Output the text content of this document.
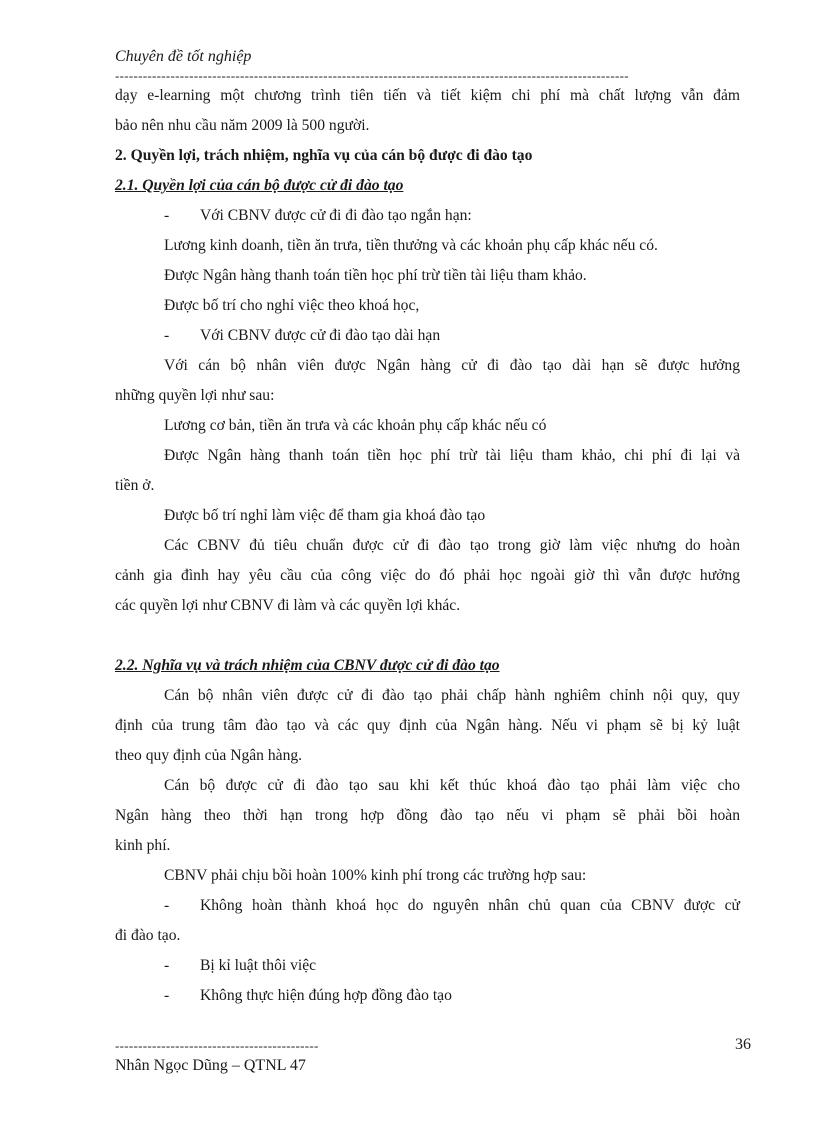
Chuyên đề tốt nghiệp
---------------------------------------------------------------------------------------------------------------
dạy e-learning một chương trình tiên tiến và tiết kiệm chi phí mà chất lượng vẫn đảm
bảo nên nhu cầu năm 2009 là 500 người.
2. Quyền lợi, trách nhiệm, nghĩa vụ của cán bộ được đi đào tạo
2.1. Quyền lợi của cán bộ được cử đi đào tạo
- Với CBNV được cử đi đi đào tạo ngắn hạn:
Lương kinh doanh, tiền ăn trưa, tiền thưởng và các khoản phụ cấp khác nếu có.
Được Ngân hàng thanh toán tiền học phí trừ tiền tài liệu tham khảo.
Được bố trí cho nghỉ việc theo khoá học,
- Với CBNV được cử đi đào tạo dài hạn
Với cán bộ nhân viên được Ngân hàng cử đi đào tạo dài hạn sẽ được hưởng
những quyền lợi như sau:
Lương cơ bản, tiền ăn trưa và các khoản phụ cấp khác nếu có
Được Ngân hàng thanh toán tiền học phí trừ tài liệu tham khảo, chi phí đi lại và
tiền ở.
Được bố trí nghỉ làm việc để tham gia khoá đào tạo
Các CBNV đủ tiêu chuẩn được cử đi đào tạo trong giờ làm việc nhưng do hoàn
cảnh gia đình hay yêu cầu của công việc do đó phải học ngoài giờ thì vẫn được hưởng
các quyền lợi như CBNV đi làm và các quyền lợi khác.
2.2. Nghĩa vụ và trách nhiệm của CBNV được cử đi đào tạo
Cán bộ nhân viên được cử đi đào tạo phải chấp hành nghiêm chỉnh nội quy, quy
định của trung tâm đào tạo và các quy định của Ngân hàng. Nếu vi phạm sẽ bị kỷ luật
theo quy định của Ngân hàng.
Cán bộ được cử đi đào tạo sau khi kết thúc khoá đào tạo phải làm việc cho
Ngân hàng theo thời hạn trong hợp đồng đào tạo nếu vi phạm sẽ phải bồi hoàn
kinh phí.
CBNV phải chịu bồi hoàn 100% kinh phí trong các trường hợp sau:
- Không hoàn thành khoá học do nguyên nhân chủ quan của CBNV được cử
đi đào tạo.
- Bị kỉ luật thôi việc
- Không thực hiện đúng hợp đồng đào tạo
--------------------------------------------	36
Nhân Ngọc Dũng – QTNL 47
